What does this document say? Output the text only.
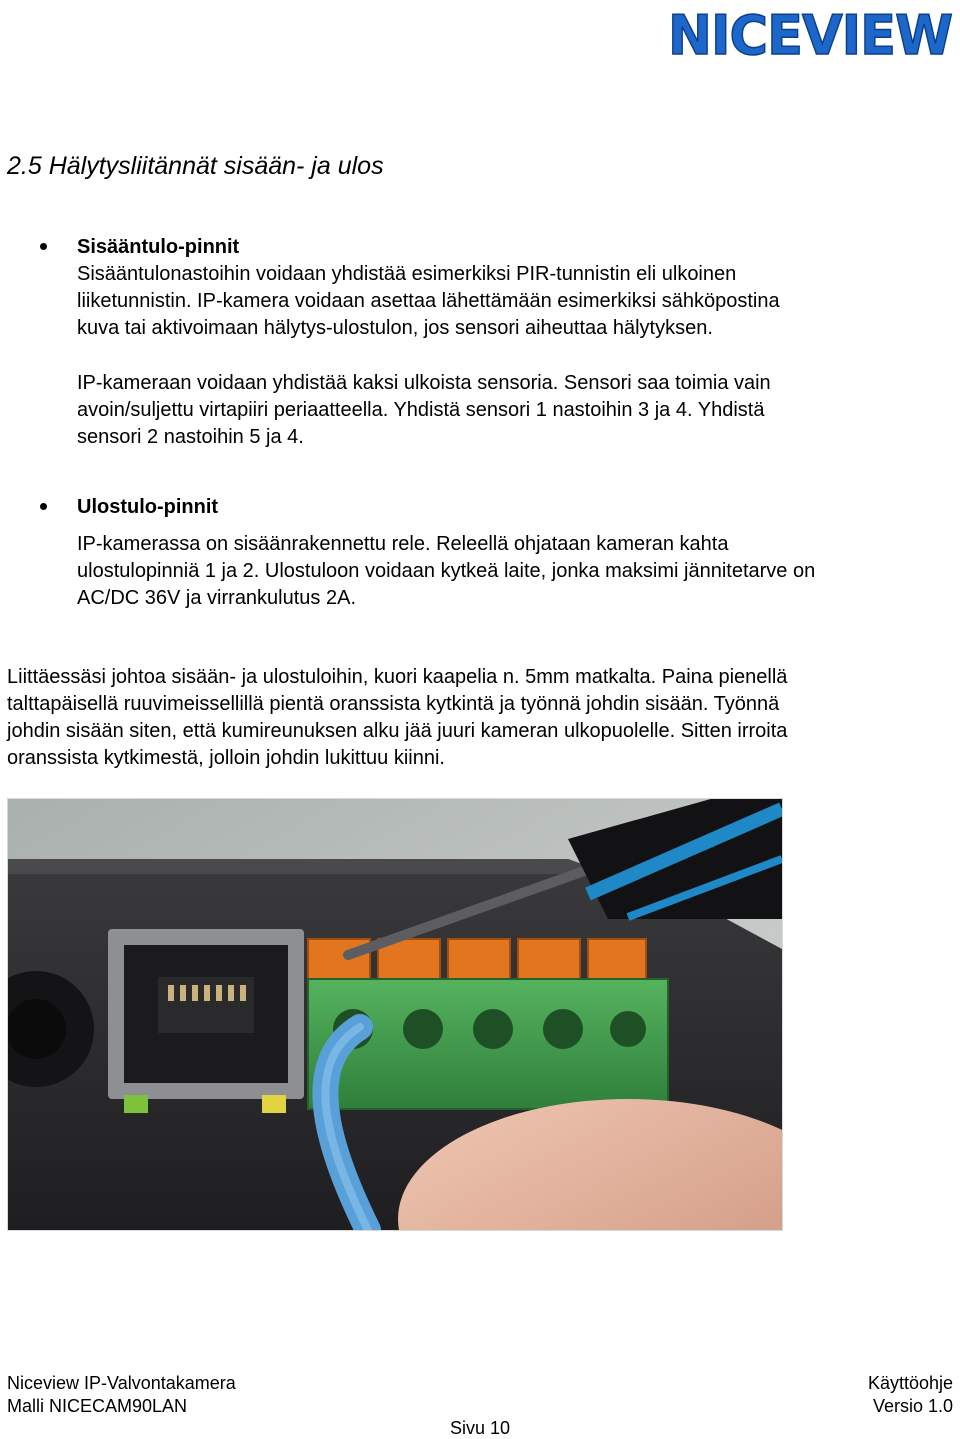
NICEVIEW
2.5 Hälytysliitännät sisään- ja ulos
Sisääntulo-pinnit
Sisääntulonastoihin voidaan yhdistää esimerkiksi PIR-tunnistin eli ulkoinen
liiketunnistin. IP-kamera voidaan asettaa lähettämään esimerkiksi sähköpostina
kuva tai aktivoimaan hälytys-ulostulon, jos sensori aiheuttaa hälytyksen.
IP-kameraan voidaan yhdistää kaksi ulkoista sensoria. Sensori saa toimia vain
avoin/suljettu virtapiiri periaatteella. Yhdistä sensori 1 nastoihin 3 ja 4. Yhdistä
sensori 2 nastoihin 5 ja 4.
Ulostulo-pinnit
IP-kamerassa on sisäänrakennettu rele. Releellä ohjataan kameran kahta
ulostulopinniä 1 ja 2. Ulostuloon voidaan kytkeä laite, jonka maksimi jännitetarve on
AC/DC 36V ja virrankulutus 2A.
Liittäessäsi johtoa sisään- ja ulostuloihin, kuori kaapelia n. 5mm matkalta. Paina pienellä
talttapäisellä ruuvimeissellillä pientä oranssista kytkintä ja työnnä johdin sisään. Työnnä
johdin sisään siten, että kumireunuksen alku jää juuri kameran ulkopuolelle. Sitten irroita
oranssista kytkimestä, jolloin johdin lukittuu kiinni.

Niceview IP-Valvontakamera

Malli NICECAM90LAN

Käyttöohje

Versio 1.0

Sivu 10
